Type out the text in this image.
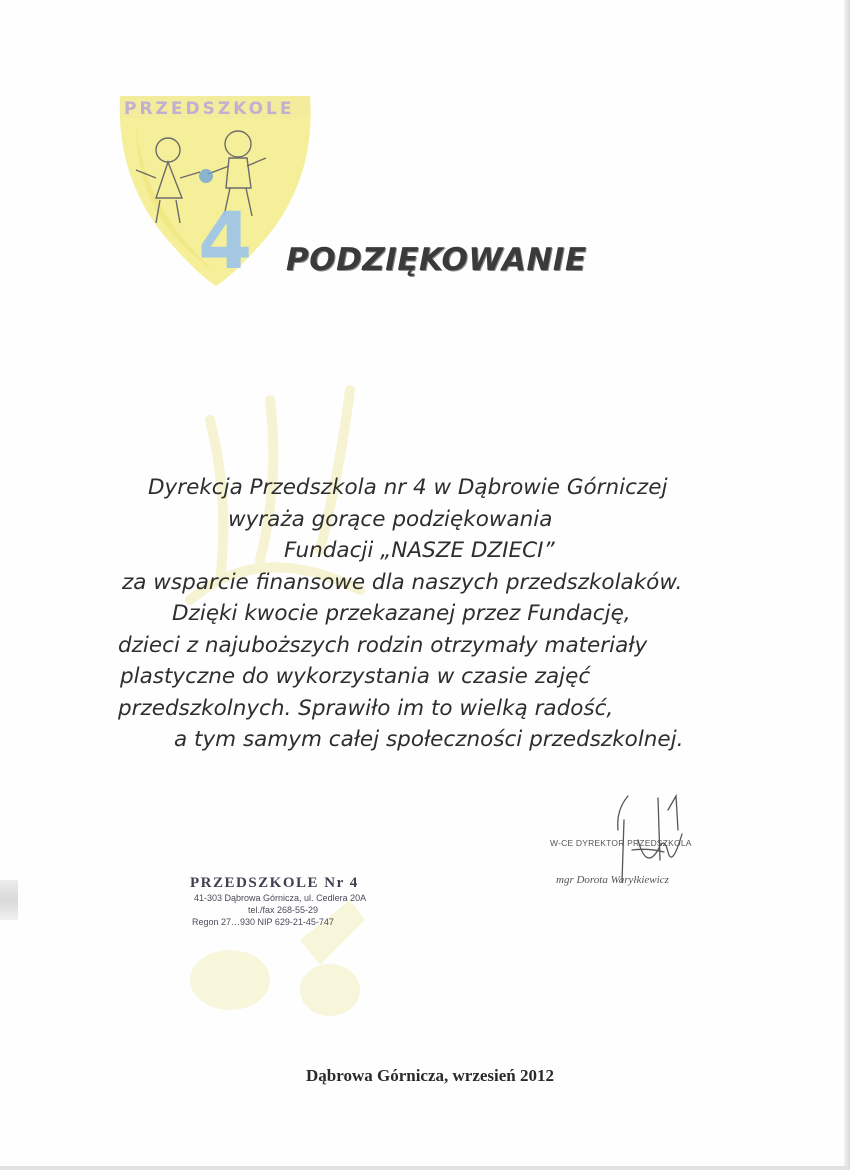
PRZEDSZKOLE
4 PODZIĘKOWANIE
Dyrekcja Przedszkola nr 4 w Dąbrowie Górniczej
wyraża gorące podziękowania
Fundacji „NASZE DZIECI”
za wsparcie finansowe dla naszych przedszkolaków.
Dzięki kwocie przekazanej przez Fundację,
dzieci z najuboższych rodzin otrzymały materiały
plastyczne do wykorzystania w czasie zajęć
przedszkolnych. Sprawiło im to wielką radość,
a tym samym całej społeczności przedszkolnej.
PRZEDSZKOLE Nr 4
41-303 Dąbrowa Górnicza, ul. Cedlera 20A
tel./fax 268-55-29
Regon 27…930 NIP 629-21-45-747
W-CE DYREKTOR PRZEDSZKOLA
mgr Dorota Waryłkiewicz
Dąbrowa Górnicza, wrzesień 2012
